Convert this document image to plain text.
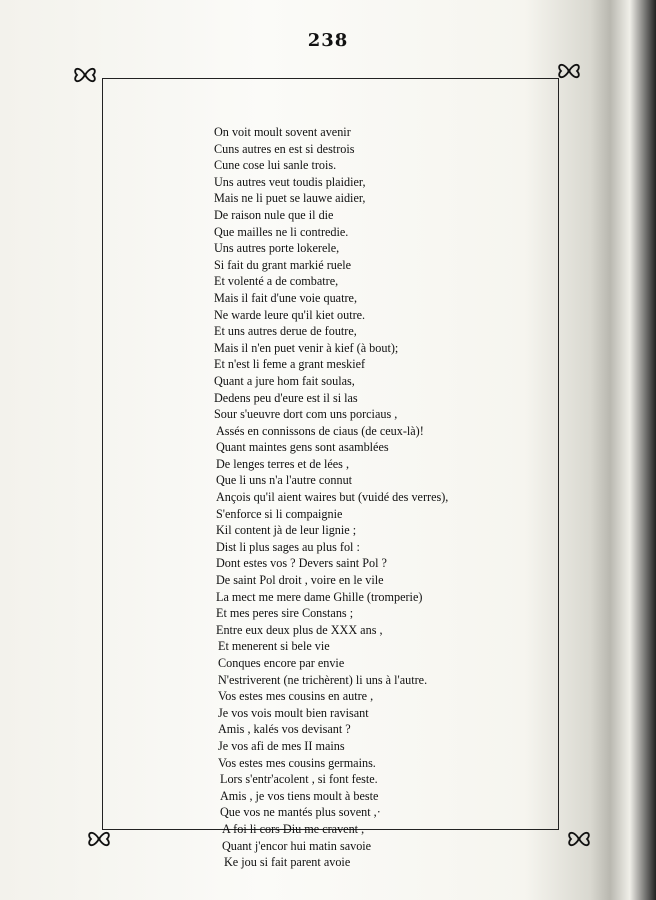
238
On voit moult sovent avenir
Cuns autres en est si destrois
Cune cose lui sanle trois.
Uns autres veut toudis plaidier,
Mais ne li puet se lauwe aidier,
De raison nule que il die
Que mailles ne li contredie.
Uns autres porte lokerele,
Si fait du grant markié ruele
Et volenté a de combatre,
Mais il fait d'une voie quatre,
Ne warde leure qu'il kiet outre.
Et uns autres derue de foutre,
Mais il n'en puet venir à kief (à bout);
Et n'est li feme a grant meskief
Quant a jure hom fait soulas,
Dedens peu d'eure est il si las
Sour s'ueuvre dort com uns porciaus ,
Assés en connissons de ciaus (de ceux-là)!
Quant maintes gens sont asamblées
De lenges terres et de lées ,
Que li uns n'a l'autre connut
Ançois qu'il aient waires but (vuidé des verres),
S'enforce si li compaignie
Kil content jà de leur lignie ;
Dist li plus sages au plus fol :
Dont estes vos ? Devers saint Pol ?
De saint Pol droit , voire en le vile
La mect me mere dame Ghille (tromperie)
Et mes peres sire Constans ;
Entre eux deux plus de XXX ans ,
Et menerent si bele vie
Conques encore par envie
N'estriverent (ne trichèrent) li uns à l'autre.
Vos estes mes cousins en autre ,
Je vos vois moult bien ravisant
Amis , kalés vos devisant ?
Je vos afi de mes II mains
Vos estes mes cousins germains.
Lors s'entr'acolent , si font feste.
Amis , je vos tiens moult à beste
Que vos ne mantés plus sovent ,·
A foi li cors Diu me cravent ,
Quant j'encor hui matin savoie
Ke jou si fait parent avoie
